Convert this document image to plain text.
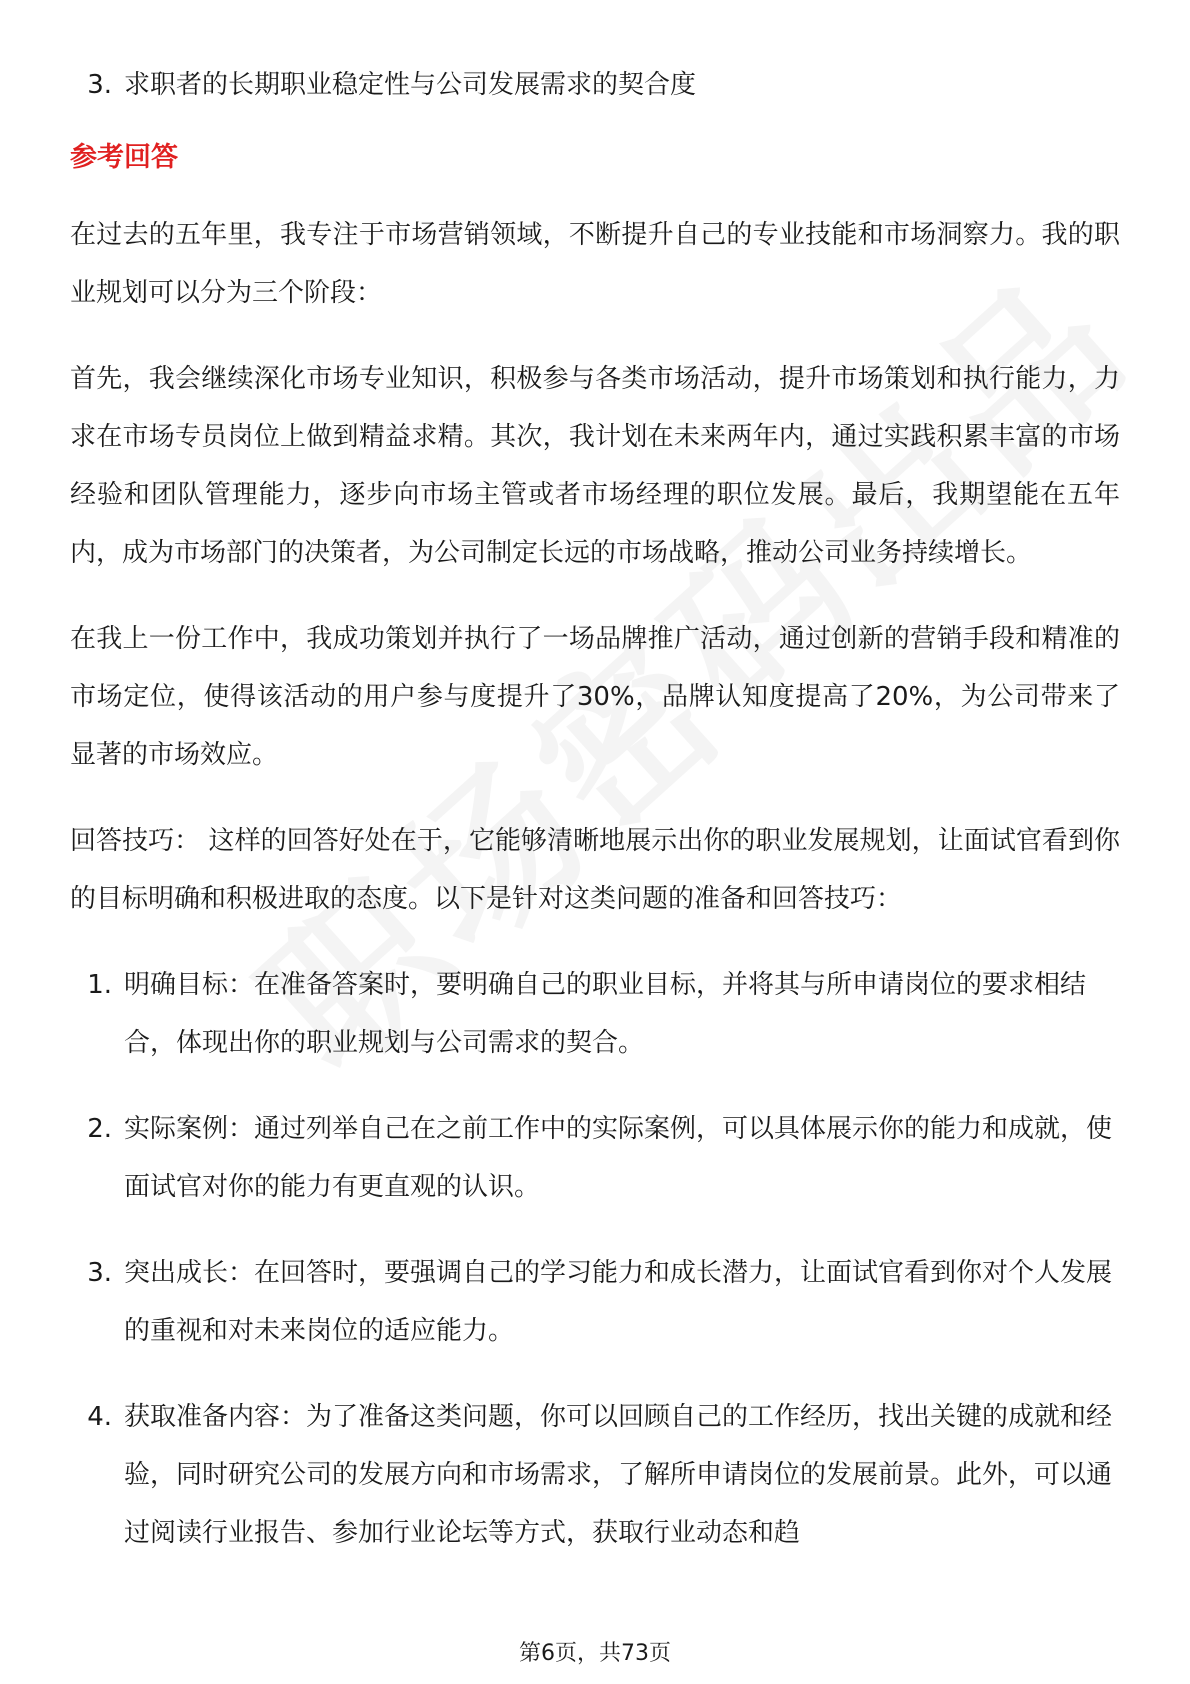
3. 求职者的长期职业稳定性与公司发展需求的契合度
参考回答
在过去的五年里，我专注于市场营销领域，不断提升自己的专业技能和市场洞察力。我的职业规划可以分为三个阶段：
首先，我会继续深化市场专业知识，积极参与各类市场活动，提升市场策划和执行能力，力求在市场专员岗位上做到精益求精。其次，我计划在未来两年内，通过实践积累丰富的市场经验和团队管理能力，逐步向市场主管或者市场经理的职位发展。最后，我期望能在五年内，成为市场部门的决策者，为公司制定长远的市场战略，推动公司业务持续增长。
在我上一份工作中，我成功策划并执行了一场品牌推广活动，通过创新的营销手段和精准的市场定位，使得该活动的用户参与度提升了30%，品牌认知度提高了20%，为公司带来了显著的市场效应。
回答技巧： 这样的回答好处在于，它能够清晰地展示出你的职业发展规划，让面试官看到你的目标明确和积极进取的态度。以下是针对这类问题的准备和回答技巧：
1. 明确目标：在准备答案时，要明确自己的职业目标，并将其与所申请岗位的要求相结合，体现出你的职业规划与公司需求的契合。
2. 实际案例：通过列举自己在之前工作中的实际案例，可以具体展示你的能力和成就，使面试官对你的能力有更直观的认识。
3. 突出成长：在回答时，要强调自己的学习能力和成长潜力，让面试官看到你对个人发展的重视和对未来岗位的适应能力。
4. 获取准备内容：为了准备这类问题，你可以回顾自己的工作经历，找出关键的成就和经验，同时研究公司的发展方向和市场需求，了解所申请岗位的发展前景。此外，可以通过阅读行业报告、参加行业论坛等方式，获取行业动态和趋
第6页，共73页
